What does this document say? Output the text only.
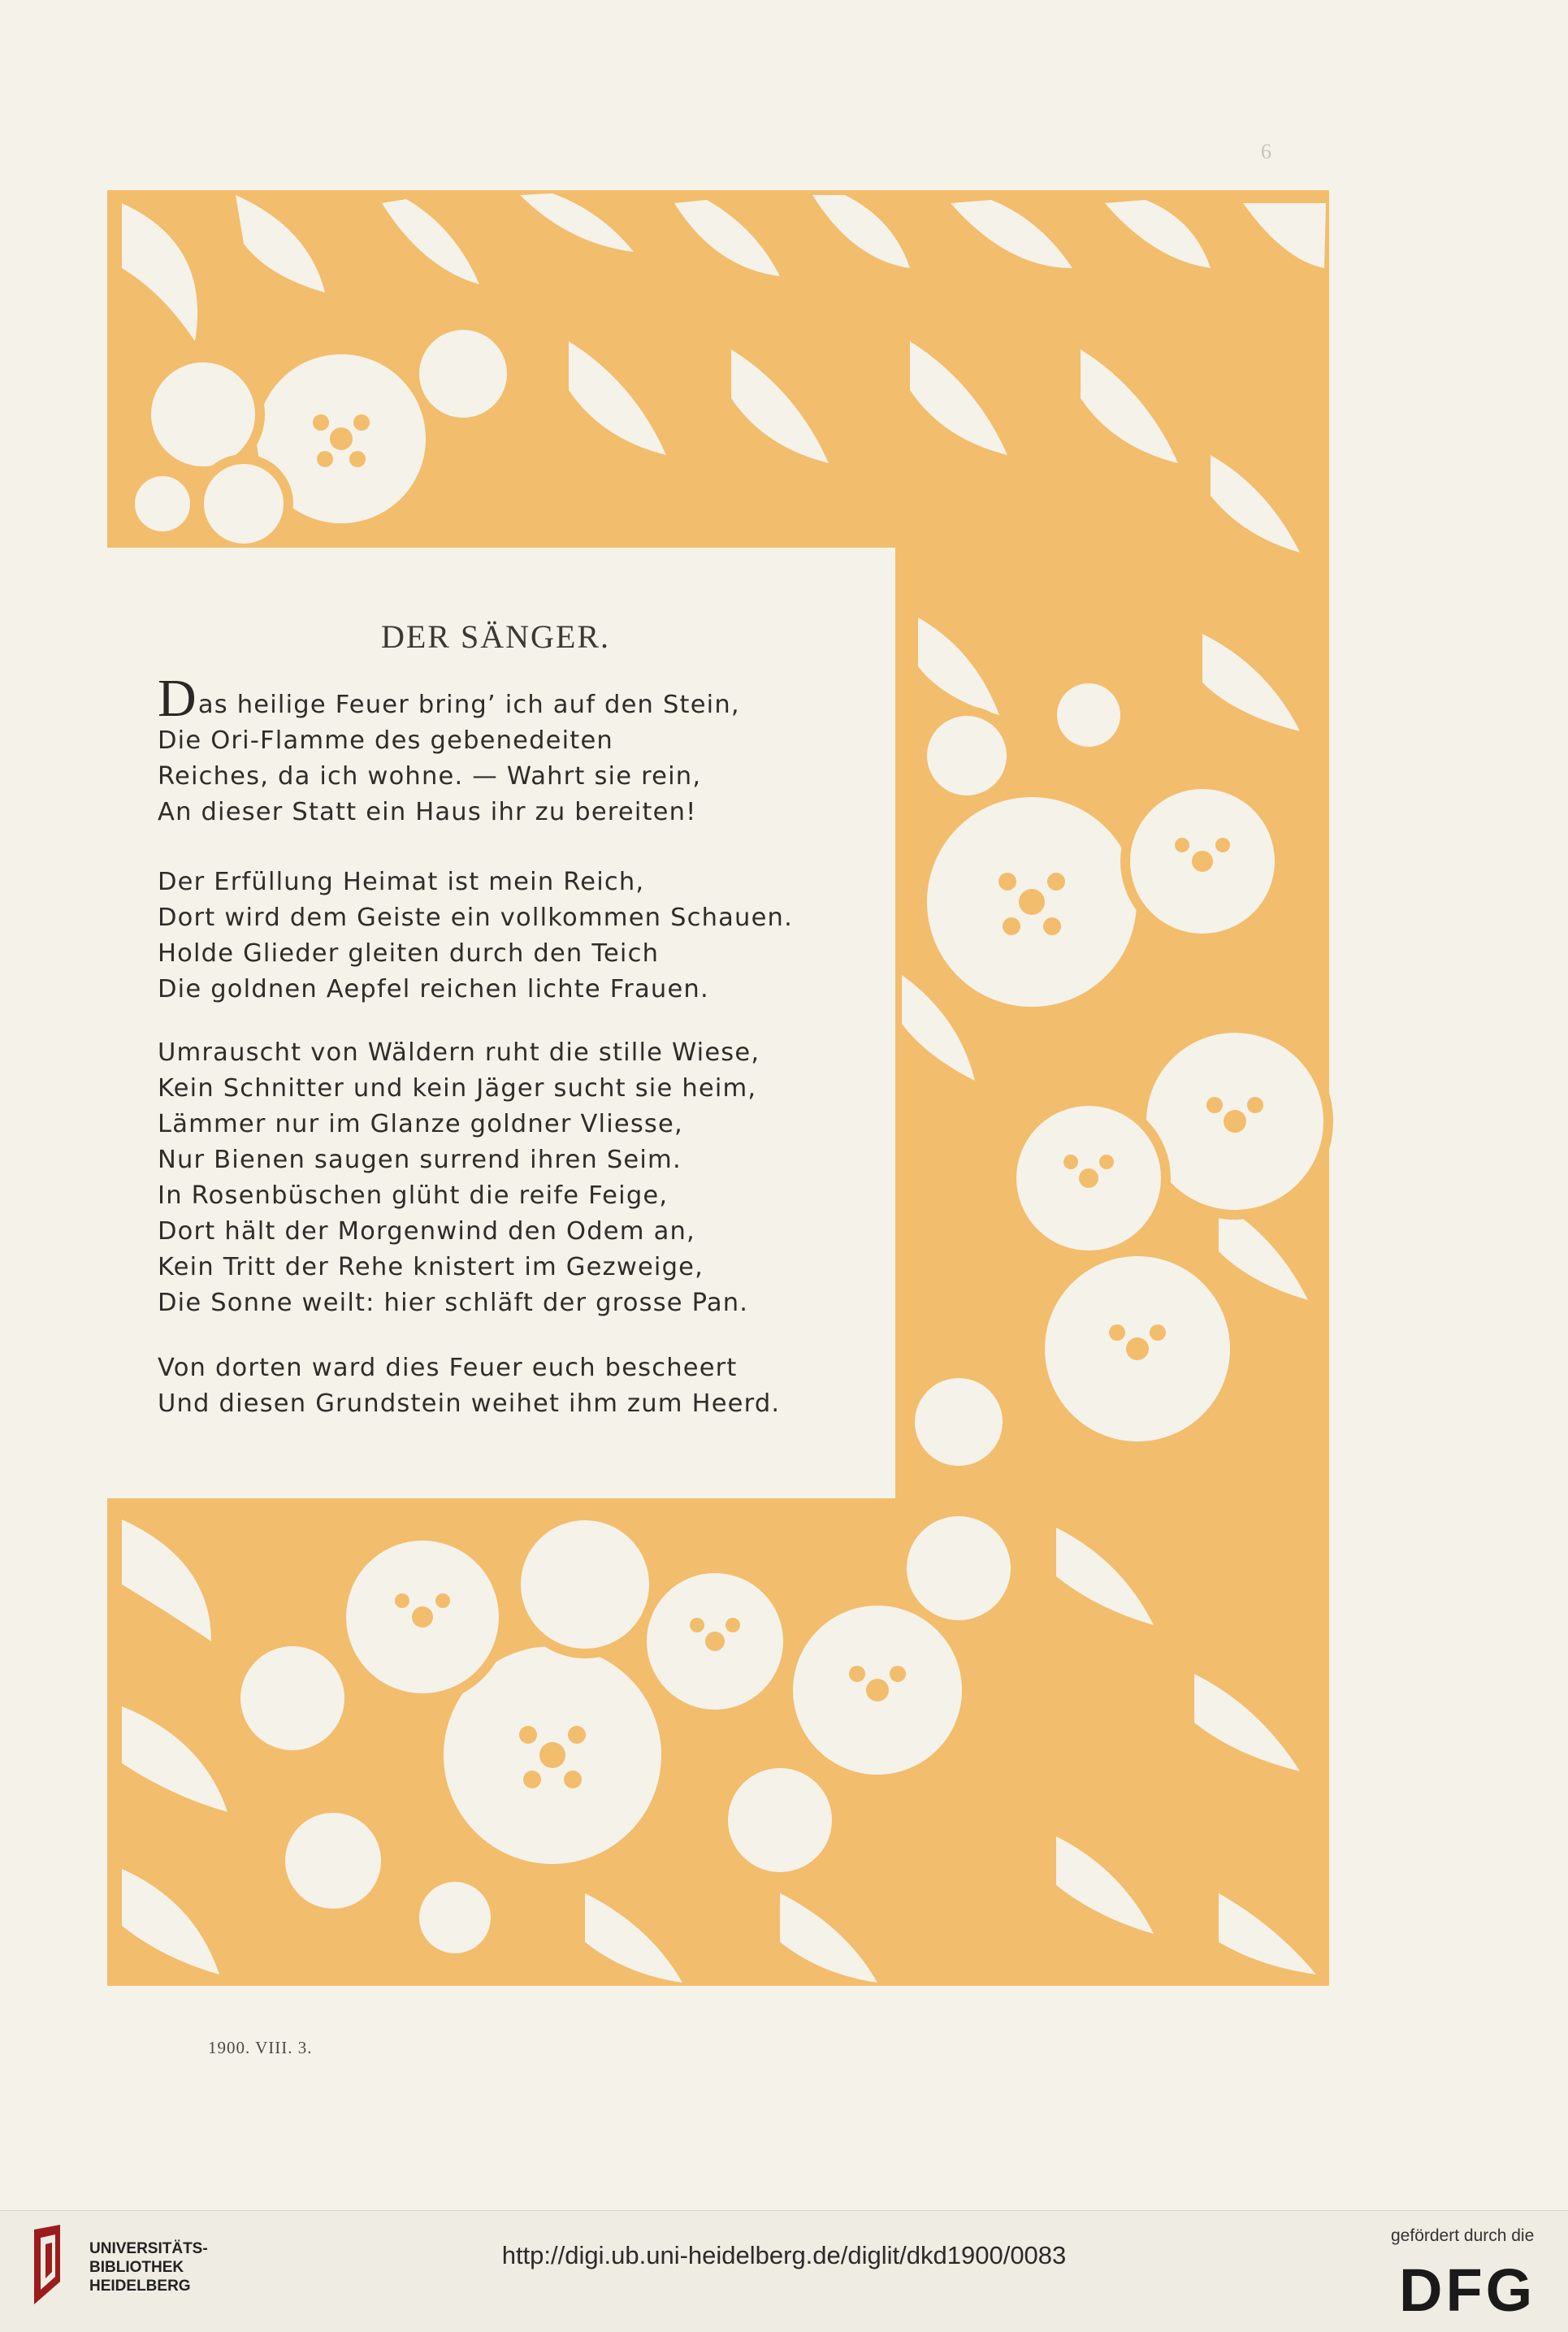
6
DER SÄNGER.
Das heilige Feuer bring’ ich auf den Stein,
Die Ori-Flamme des gebenedeiten
Reiches, da ich wohne. — Wahrt sie rein,
An dieser Statt ein Haus ihr zu bereiten!
Der Erfüllung Heimat ist mein Reich,
Dort wird dem Geiste ein vollkommen Schauen.
Holde Glieder gleiten durch den Teich
Die goldnen Aepfel reichen lichte Frauen.
Umrauscht von Wäldern ruht die stille Wiese,
Kein Schnitter und kein Jäger sucht sie heim,
Lämmer nur im Glanze goldner Vliesse,
Nur Bienen saugen surrend ihren Seim.
In Rosenbüschen glüht die reife Feige,
Dort hält der Morgenwind den Odem an,
Kein Tritt der Rehe knistert im Gezweige,
Die Sonne weilt: hier schläft der grosse Pan.
Von dorten ward dies Feuer euch bescheert
Und diesen Grundstein weihet ihm zum Heerd.
1900. VIII. 3.
UNIVERSITÄTS-
BIBLIOTHEK
HEIDELBERG
http://digi.ub.uni-heidelberg.de/diglit/dkd1900/0083
gefördert durch die
DFG
